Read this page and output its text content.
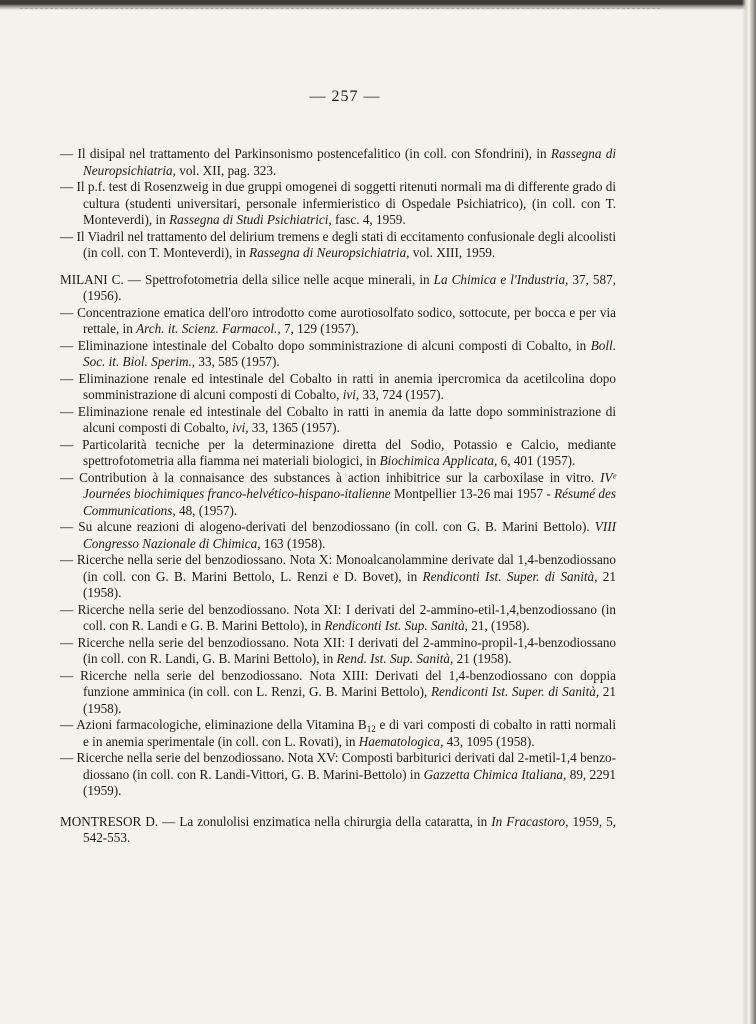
— 257 —

— Il disipal nel trattamento del Parkinsonismo postencefalitico (in coll. con Sfondrini), in Rassegna di Neuropsichiatria, vol. XII, pag. 323.

— Il p.f. test di Rosenzweig in due gruppi omogenei di soggetti ritenuti normali ma di differente grado di cultura (studenti universitari, personale infermieristico di Ospedale Psichiatrico), (in coll. con T. Monteverdi), in Rassegna di Studi Psichiatrici, fasc. 4, 1959.

— Il Viadril nel trattamento del delirium tremens e degli stati di eccitamento confusionale degli alcoolisti (in coll. con T. Monteverdi), in Rassegna di Neuropsichiatria, vol. XIII, 1959.

MILANI C. — Spettrofotometria della silice nelle acque minerali, in La Chimica e l'Industria, 37, 587, (1956).

— Concentrazione ematica dell'oro introdotto come aurotiosolfato sodico, sottocute, per bocca e per via rettale, in Arch. it. Scienz. Farmacol., 7, 129 (1957).

— Eliminazione intestinale del Cobalto dopo somministrazione di alcuni composti di Cobalto, in Boll. Soc. it. Biol. Sperim., 33, 585 (1957).

— Eliminazione renale ed intestinale del Cobalto in ratti in anemia ipercromica da acetilcolina dopo somministrazione di alcuni composti di Cobalto, ivi, 33, 724 (1957).

— Eliminazione renale ed intestinale del Cobalto in ratti in anemia da latte dopo somministrazione di alcuni composti di Cobalto, ivi, 33, 1365 (1957).

— Particolarità tecniche per la determinazione diretta del Sodio, Potassio e Calcio, mediante spettrofotometria alla fiamma nei materiali biologici, in Biochimica Applicata, 6, 401 (1957).

— Contribution à la connaisance des substances à action inhibitrice sur la carboxilase in vitro. IVᵉ Journées biochimiques franco-helvético-hispano-italienne Montpellier 13-26 mai 1957 - Résumé des Communications, 48, (1957).

— Su alcune reazioni di alogeno-derivati del benzodiossano (in coll. con G. B. Marini Bettolo). VIII Congresso Nazionale di Chimica, 163 (1958).

— Ricerche nella serie del benzodiossano. Nota X: Monoalcanolammine derivate dal 1,4-benzodiossano (in coll. con G. B. Marini Bettolo, L. Renzi e D. Bovet), in Rendiconti Ist. Super. di Sanità, 21 (1958).

— Ricerche nella serie del benzodiossano. Nota XI: I derivati del 2-ammino-etil-1,4,benzodiossano (in coll. con R. Landi e G. B. Marini Bettolo), in Rendiconti Ist. Sup. Sanità, 21, (1958).

— Ricerche nella serie del benzodiossano. Nota XII: I derivati del 2-ammino-propil-1,4-benzodiossano (in coll. con R. Landi, G. B. Marini Bettolo), in Rend. Ist. Sup. Sanità, 21 (1958).

— Ricerche nella serie del benzodiossano. Nota XIII: Derivati del 1,4-benzodiossano con doppia funzione amminica (in coll. con L. Renzi, G. B. Marini Bettolo), Rendiconti Ist. Super. di Sanità, 21 (1958).

— Azioni farmacologiche, eliminazione della Vitamina $B_{12}$ e di vari composti di cobalto in ratti normali e in anemia sperimentale (in coll. con L. Rovati), in Haematologica, 43, 1095 (1958).

— Ricerche nella serie del benzodiossano. Nota XV: Composti barbiturici derivati dal 2-metil-1,4 benzo-diossano (in coll. con R. Landi-Vittori, G. B. Marini-Bettolo) in Gazzetta Chimica Italiana, 89, 2291 (1959).

MONTRESOR D. — La zonulolisi enzimatica nella chirurgia della cataratta, in In Fracastoro, 1959, 5, 542-553.
